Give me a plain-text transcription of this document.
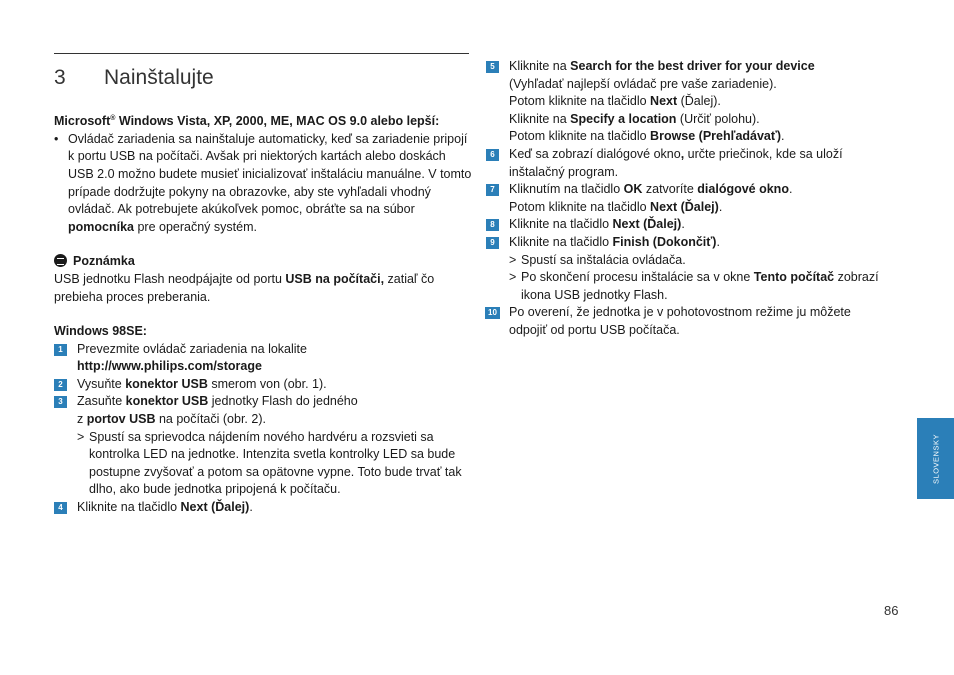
3 Nainštalujte

Microsoft® Windows Vista, XP, 2000, ME, MAC OS 9.0 alebo lepší:

• Ovládač zariadenia sa nainštaluje automaticky, keď sa zariadenie pripojí k portu USB na počítači. Avšak pri niektorých kartách alebo doskách USB 2.0 možno budete musieť inicializovať inštaláciu manuálne. V tomto prípade dodržujte pokyny na obrazovke, aby ste vyhľadali vhodný ovládač. Ak potrebujete akúkoľvek pomoc, obráťte sa na súbor pomocníka pre operačný systém.

Poznámka

USB jednotku Flash neodpájajte od portu USB na počítači, zatiaľ čo prebieha proces preberania.

Windows 98SE:

1	Prevezmite ovládač zariadenia na lokalite
http://www.philips.com/storage

2	Vysuňte konektor USB smerom von (obr. 1).

3	Zasuňte konektor USB jednotky Flash do jedného
z portov USB na počítači (obr. 2).

> Spustí sa sprievodca nájdením nového hardvéru a rozsvieti sa kontrolka LED na jednotke. Intenzita svetla kontrolky LED sa bude postupne zvyšovať a potom sa opätovne vypne. Toto bude trvať tak dlho, ako bude jednotka pripojená k počítaču.

4	Kliknite na tlačidlo Next (Ďalej).

5	Kliknite na Search for the best driver for your device
(Vyhľadať najlepší ovládač pre vaše zariadenie).
Potom kliknite na tlačidlo Next (Ďalej).
Kliknite na Specify a location (Určiť polohu).
Potom kliknite na tlačidlo Browse (Prehľadávať).

6	Keď sa zobrazí dialógové okno, určte priečinok, kde sa uloží inštalačný program.

7	Kliknutím na tlačidlo OK zatvoríte dialógové okno.
Potom kliknite na tlačidlo Next (Ďalej).

8	Kliknite na tlačidlo Next (Ďalej).

9	Kliknite na tlačidlo Finish (Dokončiť).

> Spustí sa inštalácia ovládača.

> Po skončení procesu inštalácie sa v okne Tento počítač zobrazí ikona USB jednotky Flash.

10 Po overení, že jednotka je v pohotovostnom režime ju môžete odpojiť od portu USB počítača.

SLOVENSKY
86
